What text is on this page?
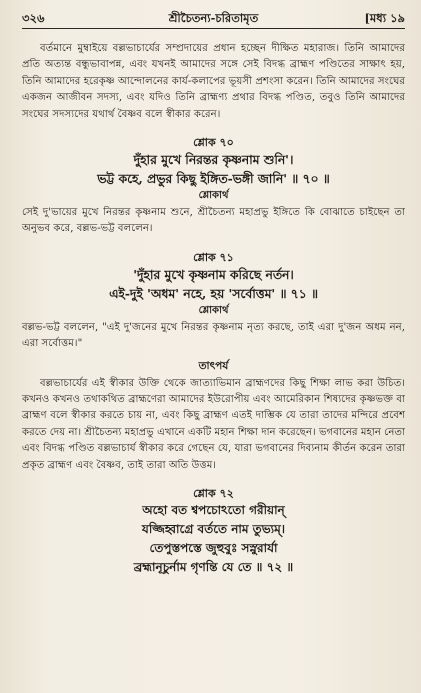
৩২৬	শ্রীচৈতন্য-চরিতামৃত	[মধ্য ১৯

বর্তমানে মুম্বাইয়ে বল্লভাচার্যের সম্প্রদায়ের প্রধান হচ্ছেন দীক্ষিত মহারাজ। তিনি আমাদের প্রতি অত্যন্ত বন্ধুভাবাপন্ন, এবং যখনই আমাদের সঙ্গে সেই বিদগ্ধ ব্রাহ্মণ পণ্ডিতের সাক্ষাৎ হয়, তিনি আমাদের হরেকৃষ্ণ আন্দোলনের কার্য-কলাপের ভূয়সী প্রশংসা করেন। তিনি আমাদের সংঘের একজন আজীবন সদস্য, এবং যদিও তিনি ব্রাহ্মণ্য প্রথার বিদগ্ধ পণ্ডিত, তবুও তিনি আমাদের সংঘের সদস্যদের যথার্থ বৈষ্ণব বলে স্বীকার করেন।

শ্লোক ৭০
দুঁহার মুখে নিরন্তর কৃষ্ণনাম শুনি'।
ভট্ট কহে, প্রভুর কিছু ইঙ্গিত-ভঙ্গী জানি' ॥ ৭০ ॥
শ্লোকার্থ

সেই দু'ভায়ের মুখে নিরন্তর কৃষ্ণনাম শুনে, শ্রীচৈতন্য মহাপ্রভু ইঙ্গিতে কি বোঝাতে চাইছেন তা অনুভব করে, বল্লভ-ভট্ট বললেন।

শ্লোক ৭১
'দুঁহার মুখে কৃষ্ণনাম করিছে নর্তন।
এই-দুই 'অধম' নহে, হয় 'সর্বোত্তম' ॥ ৭১ ॥
শ্লোকার্থ

বল্লভ-ভট্ট বললেন, "এই দু'জনের মুখে নিরন্তর কৃষ্ণনাম নৃত্য করছে, তাই এরা দু'জন অধম নন, এরা সর্বোত্তম।"

তাৎপর্য

বল্লভাচার্যের এই স্বীকার উক্তি থেকে জাত্যাভিমান ব্রাহ্মণদের কিছু শিক্ষা লাভ করা উচিত। কখনও কখনও তথাকথিত ব্রাহ্মণেরা আমাদের ইউরোপীয় এবং আমেরিকান শিষ্যদের কৃষ্ণভক্ত বা ব্রাহ্মণ বলে স্বীকার করতে চায় না, এবং কিছু ব্রাহ্মণ এতই দাম্ভিক যে তারা তাদের মন্দিরে প্রবেশ করতে দেয় না। শ্রীচৈতন্য মহাপ্রভু এখানে একটি মহান শিক্ষা দান করেছেন। ভগবানের মহান নেতা এবং বিদগ্ধ পণ্ডিত বল্লভাচার্য স্বীকার করে গেছেন যে, যারা ভগবানের দিব্যনাম কীর্তন করেন তারা প্রকৃত ব্রাহ্মণ এবং বৈষ্ণব, তাই তারা অতি উত্তম।

শ্লোক ৭২
অহো বত শ্বপচোঽতো গরীয়ান্
যজ্জিহ্বাগ্রে বর্ততে নাম তুভ্যম্।
তেপুস্তপস্তে জুহুবুঃ সস্নুরার্যা
ব্রহ্মানূচুর্নাম গৃণন্তি যে তে ॥ ৭২ ॥
